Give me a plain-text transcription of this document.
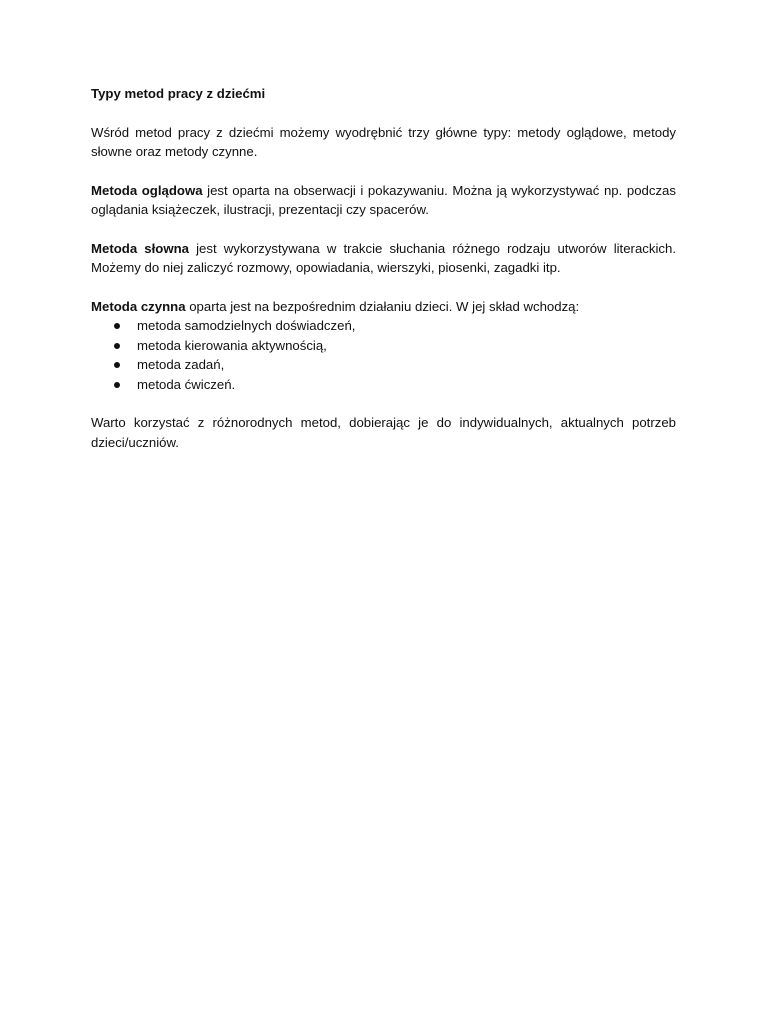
Typy metod pracy z dziećmi

Wśród metod pracy z dziećmi możemy wyodrębnić trzy główne typy: metody oglądowe, metody słowne oraz metody czynne.

Metoda oglądowa jest oparta na obserwacji i pokazywaniu. Można ją wykorzystywać np. podczas oglądania książeczek, ilustracji, prezentacji czy spacerów.

Metoda słowna jest wykorzystywana w trakcie słuchania różnego rodzaju utworów literackich. Możemy do niej zaliczyć rozmowy, opowiadania, wierszyki, piosenki, zagadki itp.

Metoda czynna oparta jest na bezpośrednim działaniu dzieci. W jej skład wchodzą:

metoda samodzielnych doświadczeń,
metoda kierowania aktywnością,
metoda zadań,
metoda ćwiczeń.

Warto korzystać z różnorodnych metod, dobierając je do indywidualnych, aktualnych potrzeb dzieci/uczniów.
